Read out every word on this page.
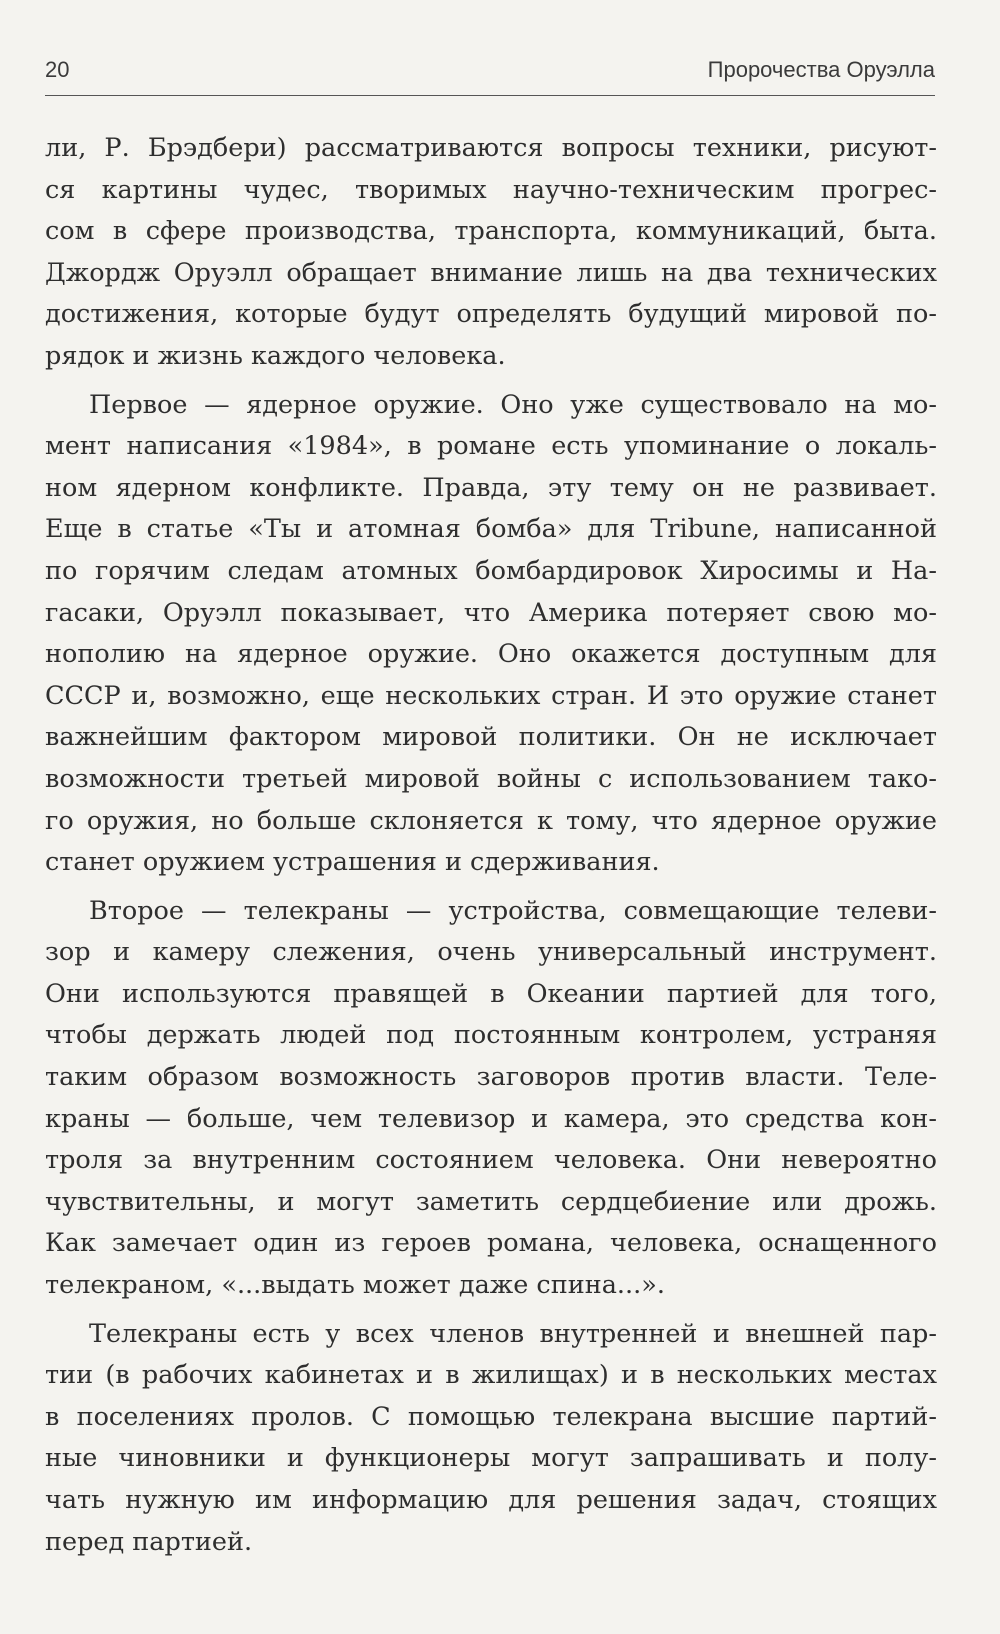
20	Пророчества Оруэлла
ли, Р. Брэдбери) рассматриваются вопросы техники, рисуют-
ся картины чудес, творимых научно-техническим прогрес-
сом в сфере производства, транспорта, коммуникаций, быта.
Джордж Оруэлл обращает внимание лишь на два технических
достижения, которые будут определять будущий мировой по-
рядок и жизнь каждого человека.
Первое — ядерное оружие. Оно уже существовало на мо-
мент написания «1984», в романе есть упоминание о локаль-
ном ядерном конфликте. Правда, эту тему он не развивает.
Еще в статье «Ты и атомная бомба» для Tribune, написанной
по горячим следам атомных бомбардировок Хиросимы и На-
гасаки, Оруэлл показывает, что Америка потеряет свою мо-
нополию на ядерное оружие. Оно окажется доступным для
СССР и, возможно, еще нескольких стран. И это оружие станет
важнейшим фактором мировой политики. Он не исключает
возможности третьей мировой войны с использованием тако-
го оружия, но больше склоняется к тому, что ядерное оружие
станет оружием устрашения и сдерживания.
Второе — телекраны — устройства, совмещающие телеви-
зор и камеру слежения, очень универсальный инструмент.
Они используются правящей в Океании партией для того,
чтобы держать людей под постоянным контролем, устраняя
таким образом возможность заговоров против власти. Теле-
краны — больше, чем телевизор и камера, это средства кон-
троля за внутренним состоянием человека. Они невероятно
чувствительны, и могут заметить сердцебиение или дрожь.
Как замечает один из героев романа, человека, оснащенного
телекраном, «...выдать может даже спина...».
Телекраны есть у всех членов внутренней и внешней пар-
тии (в рабочих кабинетах и в жилищах) и в нескольких местах
в поселениях пролов. С помощью телекрана высшие партий-
ные чиновники и функционеры могут запрашивать и полу-
чать нужную им информацию для решения задач, стоящих
перед партией.
